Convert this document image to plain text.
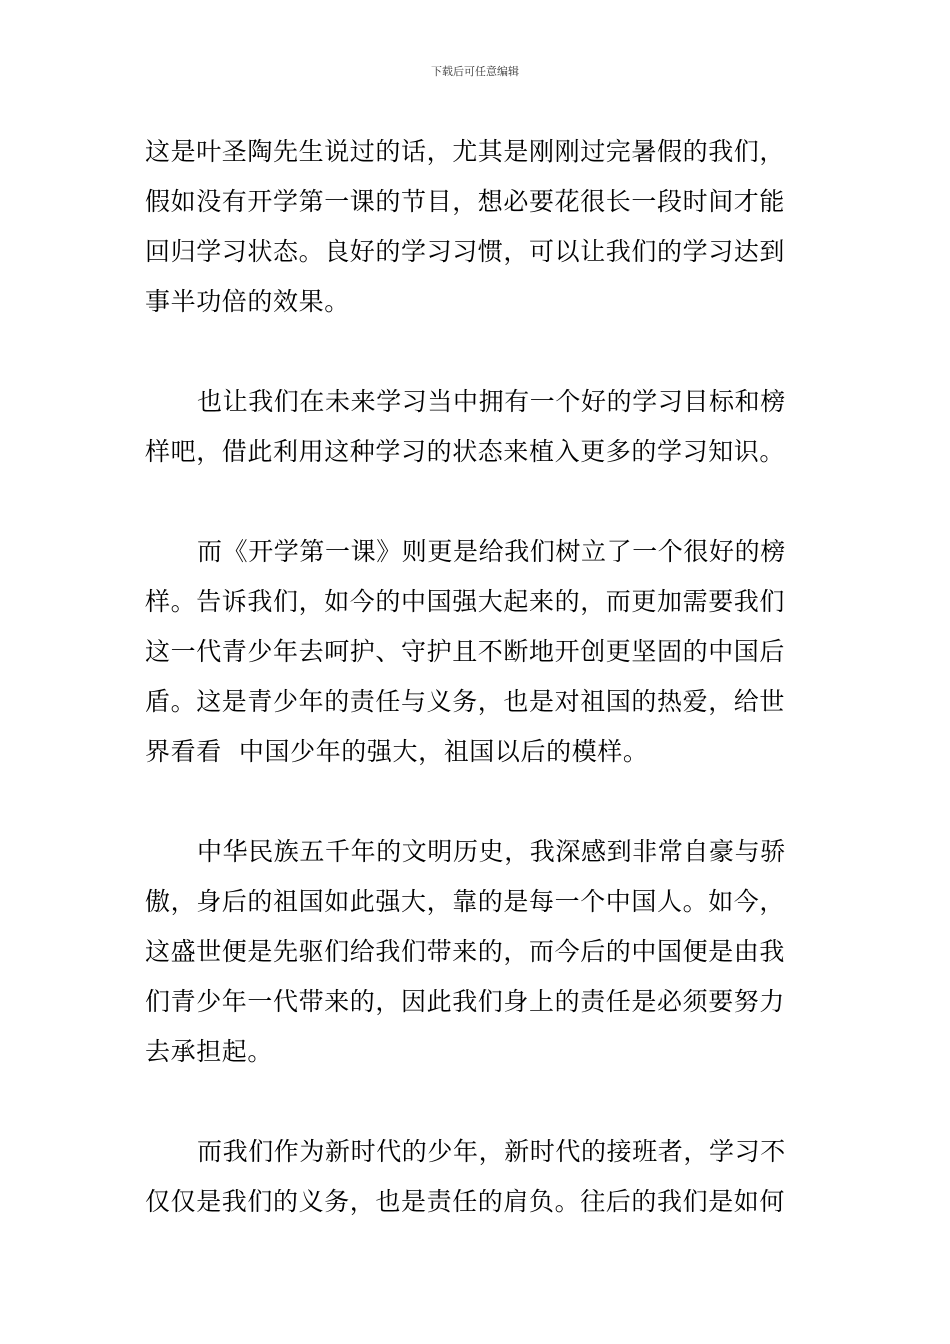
下载后可任意编辑

这是叶圣陶先生说过的话，尤其是刚刚过完暑假的我们，
假如没有开学第一课的节目，想必要花很长一段时间才能
回归学习状态。良好的学习习惯，可以让我们的学习达到
事半功倍的效果。

也让我们在未来学习当中拥有一个好的学习目标和榜
样吧，借此利用这种学习的状态来植入更多的学习知识。

而《开学第一课》则更是给我们树立了一个很好的榜
样。告诉我们，如今的中国强大起来的，而更加需要我们
这一代青少年去呵护、守护且不断地开创更坚固的中国后
盾。这是青少年的责任与义务，也是对祖国的热爱，给世
界看看  中国少年的强大，祖国以后的模样。

中华民族五千年的文明历史，我深感到非常自豪与骄
傲，身后的祖国如此强大，靠的是每一个中国人。如今，
这盛世便是先驱们给我们带来的，而今后的中国便是由我
们青少年一代带来的，因此我们身上的责任是必须要努力
去承担起。

而我们作为新时代的少年，新时代的接班者，学习不
仅仅是我们的义务，也是责任的肩负。往后的我们是如何
